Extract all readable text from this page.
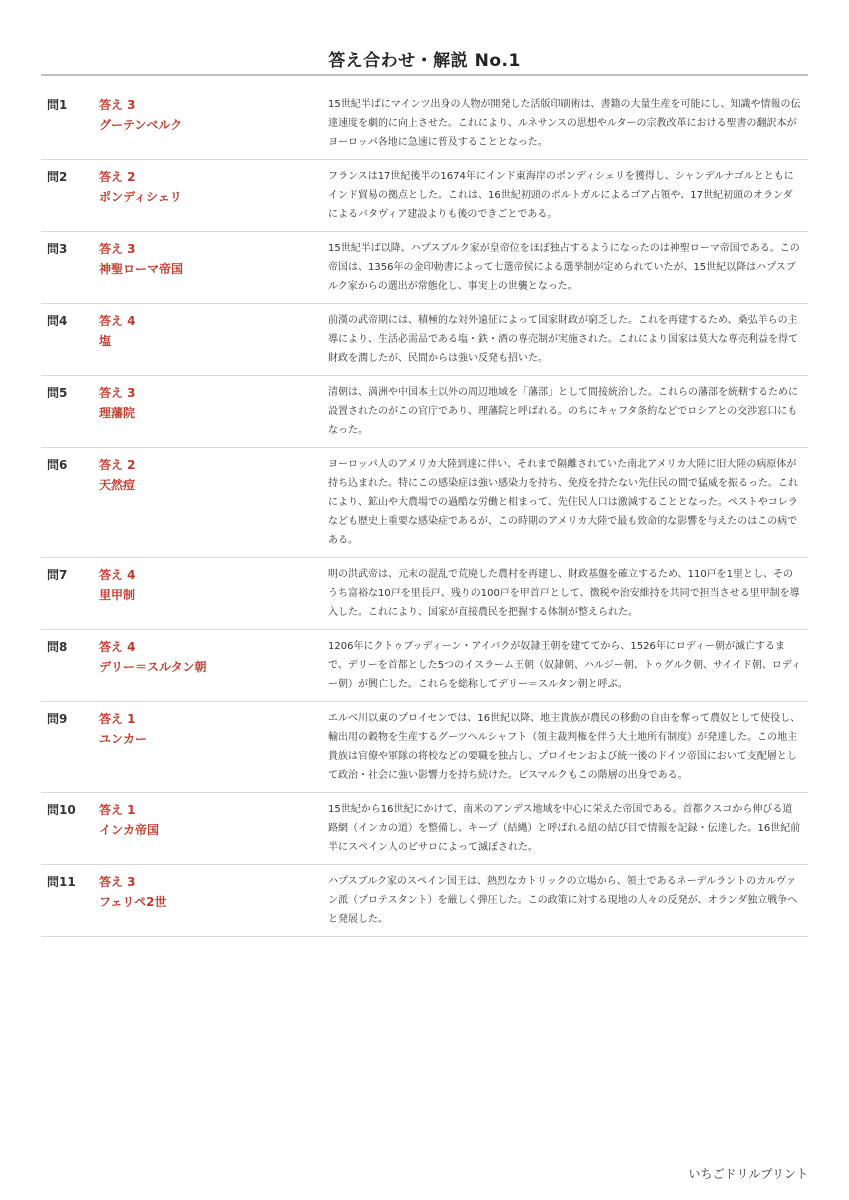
答え合わせ・解説 No.1
問1	答え 3
グーテンベルク
15世紀半ばにマインツ出身の人物が開発した活版印刷術は、書籍の大量生産を可能にし、知識や情報の伝達速度を劇的に向上させた。これにより、ルネサンスの思想やルターの宗教改革における聖書の翻訳本がヨーロッパ各地に急速に普及することとなった。
問2	答え 2
ポンディシェリ
フランスは17世紀後半の1674年にインド東海岸のポンディシェリを獲得し、シャンデルナゴルとともにインド貿易の拠点とした。これは、16世紀初頭のポルトガルによるゴア占領や、17世紀初頭のオランダによるバタヴィア建設よりも後のできごとである。
問3	答え 3
神聖ローマ帝国
15世紀半ば以降、ハプスブルク家が皇帝位をほぼ独占するようになったのは神聖ローマ帝国である。この帝国は、1356年の金印勅書によって七選帝侯による選挙制が定められていたが、15世紀以降はハプスブルク家からの選出が常態化し、事実上の世襲となった。
問4	答え 4
塩
前漢の武帝期には、積極的な対外遠征によって国家財政が窮乏した。これを再建するため、桑弘羊らの主導により、生活必需品である塩・鉄・酒の専売制が実施された。これにより国家は莫大な専売利益を得て財政を潤したが、民間からは強い反発も招いた。
問5	答え 3
理藩院
清朝は、満洲や中国本土以外の周辺地域を「藩部」として間接統治した。これらの藩部を統轄するために設置されたのがこの官庁であり、理藩院と呼ばれる。のちにキャフタ条約などでロシアとの交渉窓口にもなった。
問6	答え 2
天然痘
ヨーロッパ人のアメリカ大陸到達に伴い、それまで隔離されていた南北アメリカ大陸に旧大陸の病原体が持ち込まれた。特にこの感染症は強い感染力を持ち、免疫を持たない先住民の間で猛威を振るった。これにより、鉱山や大農場での過酷な労働と相まって、先住民人口は激減することとなった。ペストやコレラなども歴史上重要な感染症であるが、この時期のアメリカ大陸で最も致命的な影響を与えたのはこの病である。
問7	答え 4
里甲制
明の洪武帝は、元末の混乱で荒廃した農村を再建し、財政基盤を確立するため、110戸を1里とし、そのうち富裕な10戸を里長戸、残りの100戸を甲首戸として、徴税や治安維持を共同で担当させる里甲制を導入した。これにより、国家が直接農民を把握する体制が整えられた。
問8	答え 4
デリー＝スルタン朝
1206年にクトゥブッディーン・アイバクが奴隷王朝を建ててから、1526年にロディー朝が滅亡するまで、デリーを首都とした5つのイスラーム王朝（奴隷朝、ハルジー朝、トゥグルク朝、サイイド朝、ロディー朝）が興亡した。これらを総称してデリー＝スルタン朝と呼ぶ。
問9	答え 1
ユンカー
エルベ川以東のプロイセンでは、16世紀以降、地主貴族が農民の移動の自由を奪って農奴として使役し、輸出用の穀物を生産するグーツヘルシャフト（領主裁判権を伴う大土地所有制度）が発達した。この地主貴族は官僚や軍隊の将校などの要職を独占し、プロイセンおよび統一後のドイツ帝国において支配層として政治・社会に強い影響力を持ち続けた。ビスマルクもこの階層の出身である。
問10	答え 1
インカ帝国
15世紀から16世紀にかけて、南米のアンデス地域を中心に栄えた帝国である。首都クスコから伸びる道路網（インカの道）を整備し、キープ（結縄）と呼ばれる紐の結び目で情報を記録・伝達した。16世紀前半にスペイン人のピサロによって滅ぼされた。
問11	答え 3
フェリペ2世
ハプスブルク家のスペイン国王は、熱烈なカトリックの立場から、領土であるネーデルラントのカルヴァン派（プロテスタント）を厳しく弾圧した。この政策に対する現地の人々の反発が、オランダ独立戦争へと発展した。
いちごドリルプリント
